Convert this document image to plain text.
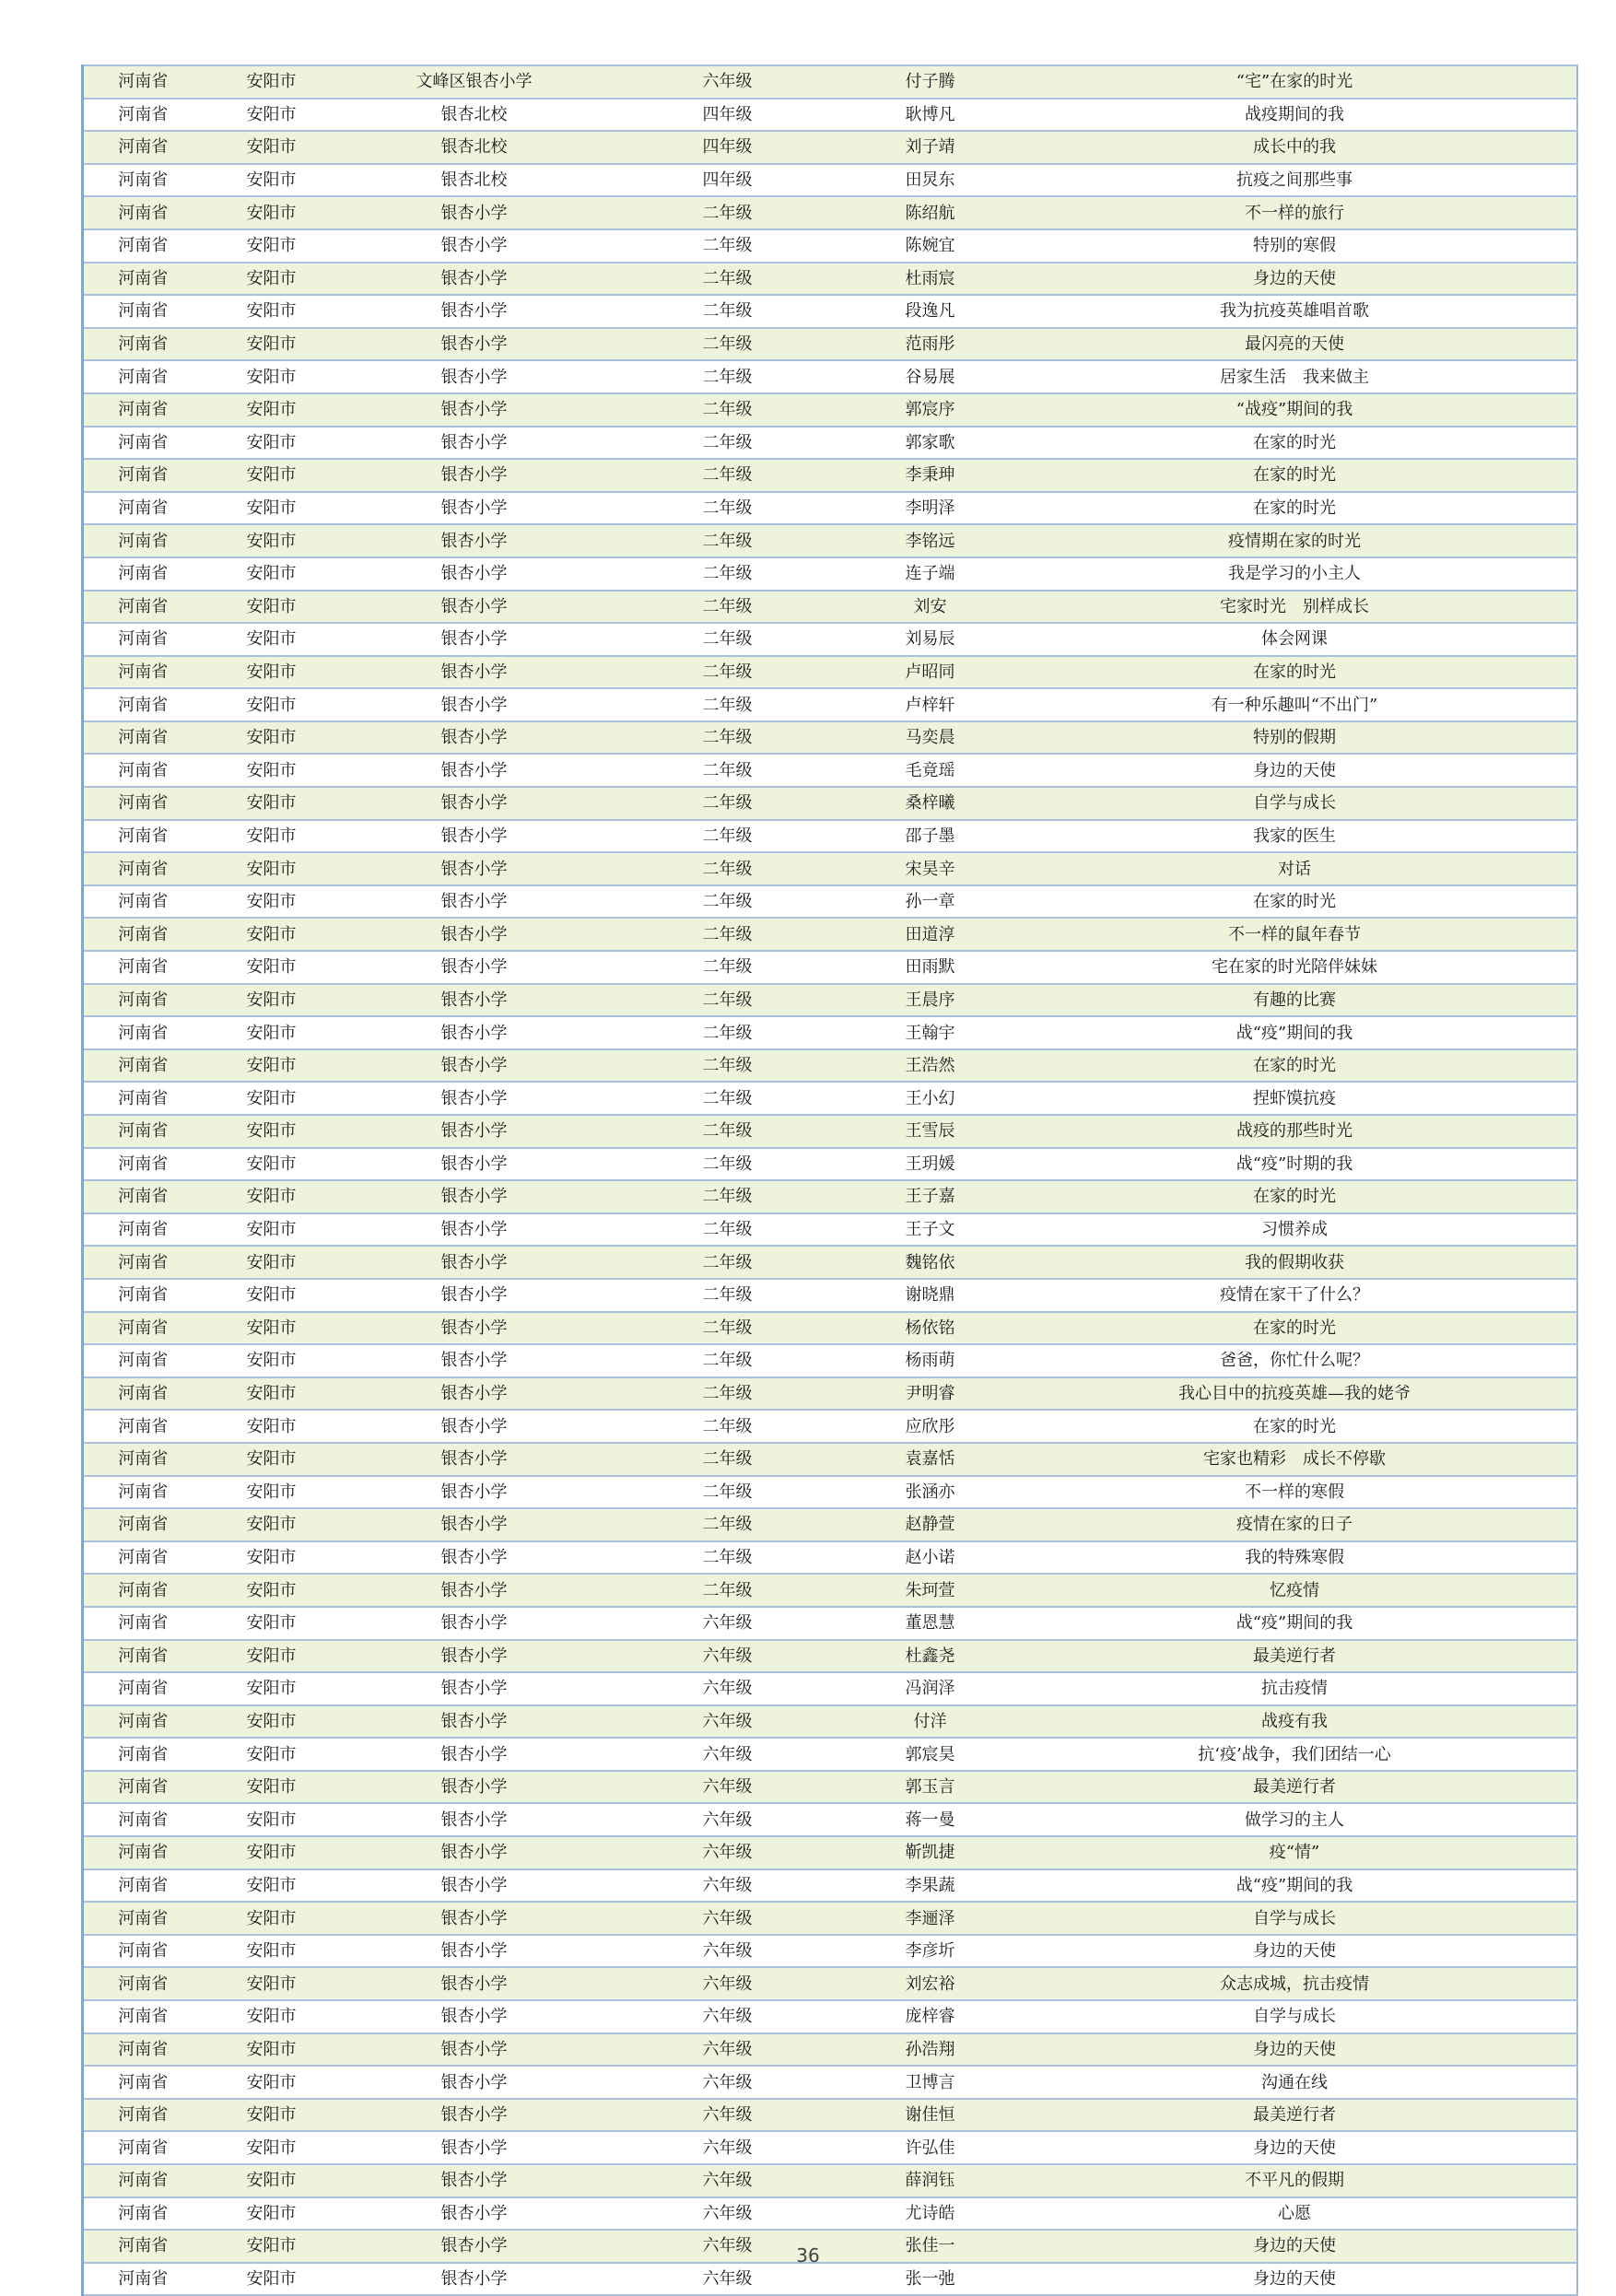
河南省	安阳市	文峰区银杏小学	六年级	付子腾	“宅”在家的时光
河南省	安阳市	银杏北校	四年级	耿博凡	战疫期间的我
河南省	安阳市	银杏北校	四年级	刘子靖	成长中的我
河南省	安阳市	银杏北校	四年级	田炅东	抗疫之间那些事
河南省	安阳市	银杏小学	二年级	陈绍航	不一样的旅行
河南省	安阳市	银杏小学	二年级	陈婉宜	特别的寒假
河南省	安阳市	银杏小学	二年级	杜雨宸	身边的天使
河南省	安阳市	银杏小学	二年级	段逸凡	我为抗疫英雄唱首歌
河南省	安阳市	银杏小学	二年级	范雨彤	最闪亮的天使
河南省	安阳市	银杏小学	二年级	谷易展	居家生活　我来做主
河南省	安阳市	银杏小学	二年级	郭宸序	“战疫”期间的我
河南省	安阳市	银杏小学	二年级	郭家歌	在家的时光
河南省	安阳市	银杏小学	二年级	李秉珅	在家的时光
河南省	安阳市	银杏小学	二年级	李明泽	在家的时光
河南省	安阳市	银杏小学	二年级	李铭远	疫情期在家的时光
河南省	安阳市	银杏小学	二年级	连子端	我是学习的小主人
河南省	安阳市	银杏小学	二年级	刘安	宅家时光　别样成长
河南省	安阳市	银杏小学	二年级	刘易辰	体会网课
河南省	安阳市	银杏小学	二年级	卢昭同	在家的时光
河南省	安阳市	银杏小学	二年级	卢梓轩	有一种乐趣叫“不出门”
河南省	安阳市	银杏小学	二年级	马奕晨	特别的假期
河南省	安阳市	银杏小学	二年级	毛竟瑶	身边的天使
河南省	安阳市	银杏小学	二年级	桑梓曦	自学与成长
河南省	安阳市	银杏小学	二年级	邵子墨	我家的医生
河南省	安阳市	银杏小学	二年级	宋昊辛	对话
河南省	安阳市	银杏小学	二年级	孙一章	在家的时光
河南省	安阳市	银杏小学	二年级	田道淳	不一样的鼠年春节
河南省	安阳市	银杏小学	二年级	田雨默	宅在家的时光陪伴妹妹
河南省	安阳市	银杏小学	二年级	王晨序	有趣的比赛
河南省	安阳市	银杏小学	二年级	王翰宇	战“疫”期间的我
河南省	安阳市	银杏小学	二年级	王浩然	在家的时光
河南省	安阳市	银杏小学	二年级	王小幻	捏虾馍抗疫
河南省	安阳市	银杏小学	二年级	王雪辰	战疫的那些时光
河南省	安阳市	银杏小学	二年级	王玥媛	战“疫”时期的我
河南省	安阳市	银杏小学	二年级	王子嘉	在家的时光
河南省	安阳市	银杏小学	二年级	王子文	习惯养成
河南省	安阳市	银杏小学	二年级	魏铭依	我的假期收获
河南省	安阳市	银杏小学	二年级	谢晓鼎	疫情在家干了什么？
河南省	安阳市	银杏小学	二年级	杨依铭	在家的时光
河南省	安阳市	银杏小学	二年级	杨雨萌	爸爸，你忙什么呢？
河南省	安阳市	银杏小学	二年级	尹明睿	我心目中的抗疫英雄—我的姥爷
河南省	安阳市	银杏小学	二年级	应欣彤	在家的时光
河南省	安阳市	银杏小学	二年级	袁嘉恬	宅家也精彩　成长不停歇
河南省	安阳市	银杏小学	二年级	张涵亦	不一样的寒假
河南省	安阳市	银杏小学	二年级	赵静萱	疫情在家的日子
河南省	安阳市	银杏小学	二年级	赵小诺	我的特殊寒假
河南省	安阳市	银杏小学	二年级	朱珂萱	忆疫情
河南省	安阳市	银杏小学	六年级	董恩慧	战“疫”期间的我
河南省	安阳市	银杏小学	六年级	杜鑫尧	最美逆行者
河南省	安阳市	银杏小学	六年级	冯润泽	抗击疫情
河南省	安阳市	银杏小学	六年级	付洋	战疫有我
河南省	安阳市	银杏小学	六年级	郭宸昊	抗‘疫’战争，我们团结一心
河南省	安阳市	银杏小学	六年级	郭玉言	最美逆行者
河南省	安阳市	银杏小学	六年级	蒋一曼	做学习的主人
河南省	安阳市	银杏小学	六年级	靳凯捷	疫“情”
河南省	安阳市	银杏小学	六年级	李果蔬	战“疫”期间的我
河南省	安阳市	银杏小学	六年级	李逦泽	自学与成长
河南省	安阳市	银杏小学	六年级	李彦圻	身边的天使
河南省	安阳市	银杏小学	六年级	刘宏裕	众志成城，抗击疫情
河南省	安阳市	银杏小学	六年级	庞梓睿	自学与成长
河南省	安阳市	银杏小学	六年级	孙浩翔	身边的天使
河南省	安阳市	银杏小学	六年级	卫博言	沟通在线
河南省	安阳市	银杏小学	六年级	谢佳恒	最美逆行者
河南省	安阳市	银杏小学	六年级	许弘佳	身边的天使
河南省	安阳市	银杏小学	六年级	薛润钰	不平凡的假期
河南省	安阳市	银杏小学	六年级	尤诗皓	心愿
河南省	安阳市	银杏小学	六年级	张佳一	身边的天使
河南省	安阳市	银杏小学	六年级	张一弛	身边的天使
36
